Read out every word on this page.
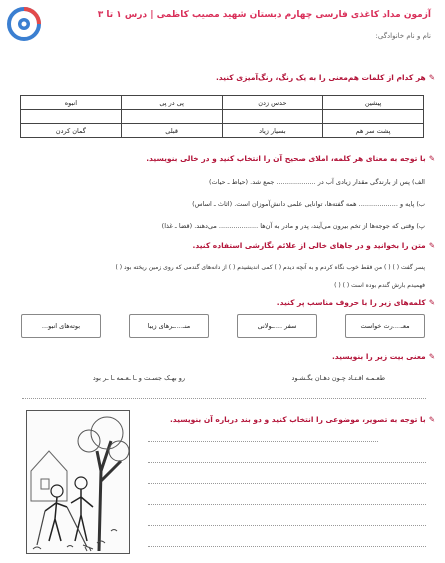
آزمون مداد کاغذی فارسی چهارم دبستان شهید مصیب کاظمی | درس ۱ تا ۳
نام و نام خانوادگی:
✎هر کدام از کلمات هم‌معنی را به یک رنگ، رنگ‌آمیزی کنید.
پیشین	حدس زدن	پی در پی	انبوه

پشت سر هم	بسیار زیاد	قبلی	گمان کردن
✎با توجه به معنای هر کلمه، املای صحیح آن را انتخاب کنید و در خالی بنویسید.
الف) پس از بارندگی مقدار زیادی آب در ................... جمع شد. (حیاط ـ حیات)
ب) پایه و ................... همه گفته‌ها، توانایی علمی دانش‌آموزان است. (اثاث ـ اساس)
پ) وقتی که جوجه‌ها از تخم بیرون می‌آیند، پدر و مادر به آن‌ها ................... می‌دهند. (قضا ـ غذا)
✎متن را بخوانید و در جاهای خالی از علائم نگارشی استفاده کنید.
پسر گفت ( ) ( ) من فقط خوب نگاه کردم و به آنچه دیدم ( ) کمی اندیشیدم ( ) از دانه‌های گندمی که روی زمین ریخته بود ( )
فهمیدم بارش گندم بوده است ( ) ( )
✎کلمه‌های زیر را با حروف مناسب پر کنید.
معـ....رت خواست
سفر ....ـولانی
منـ....ـرهای زیبا
بوته‌های انبو...
✎معنی بیت زیر را بنویسید.
طعـمـه اقـتـاد چـون دهـان بگـشـود
رو بهـک جسـت و ـا ـعـمه ـا ـر بود
✎با توجه به تصویر، موضوعی را انتخاب کنید و دو بند درباره آن بنویسید.
